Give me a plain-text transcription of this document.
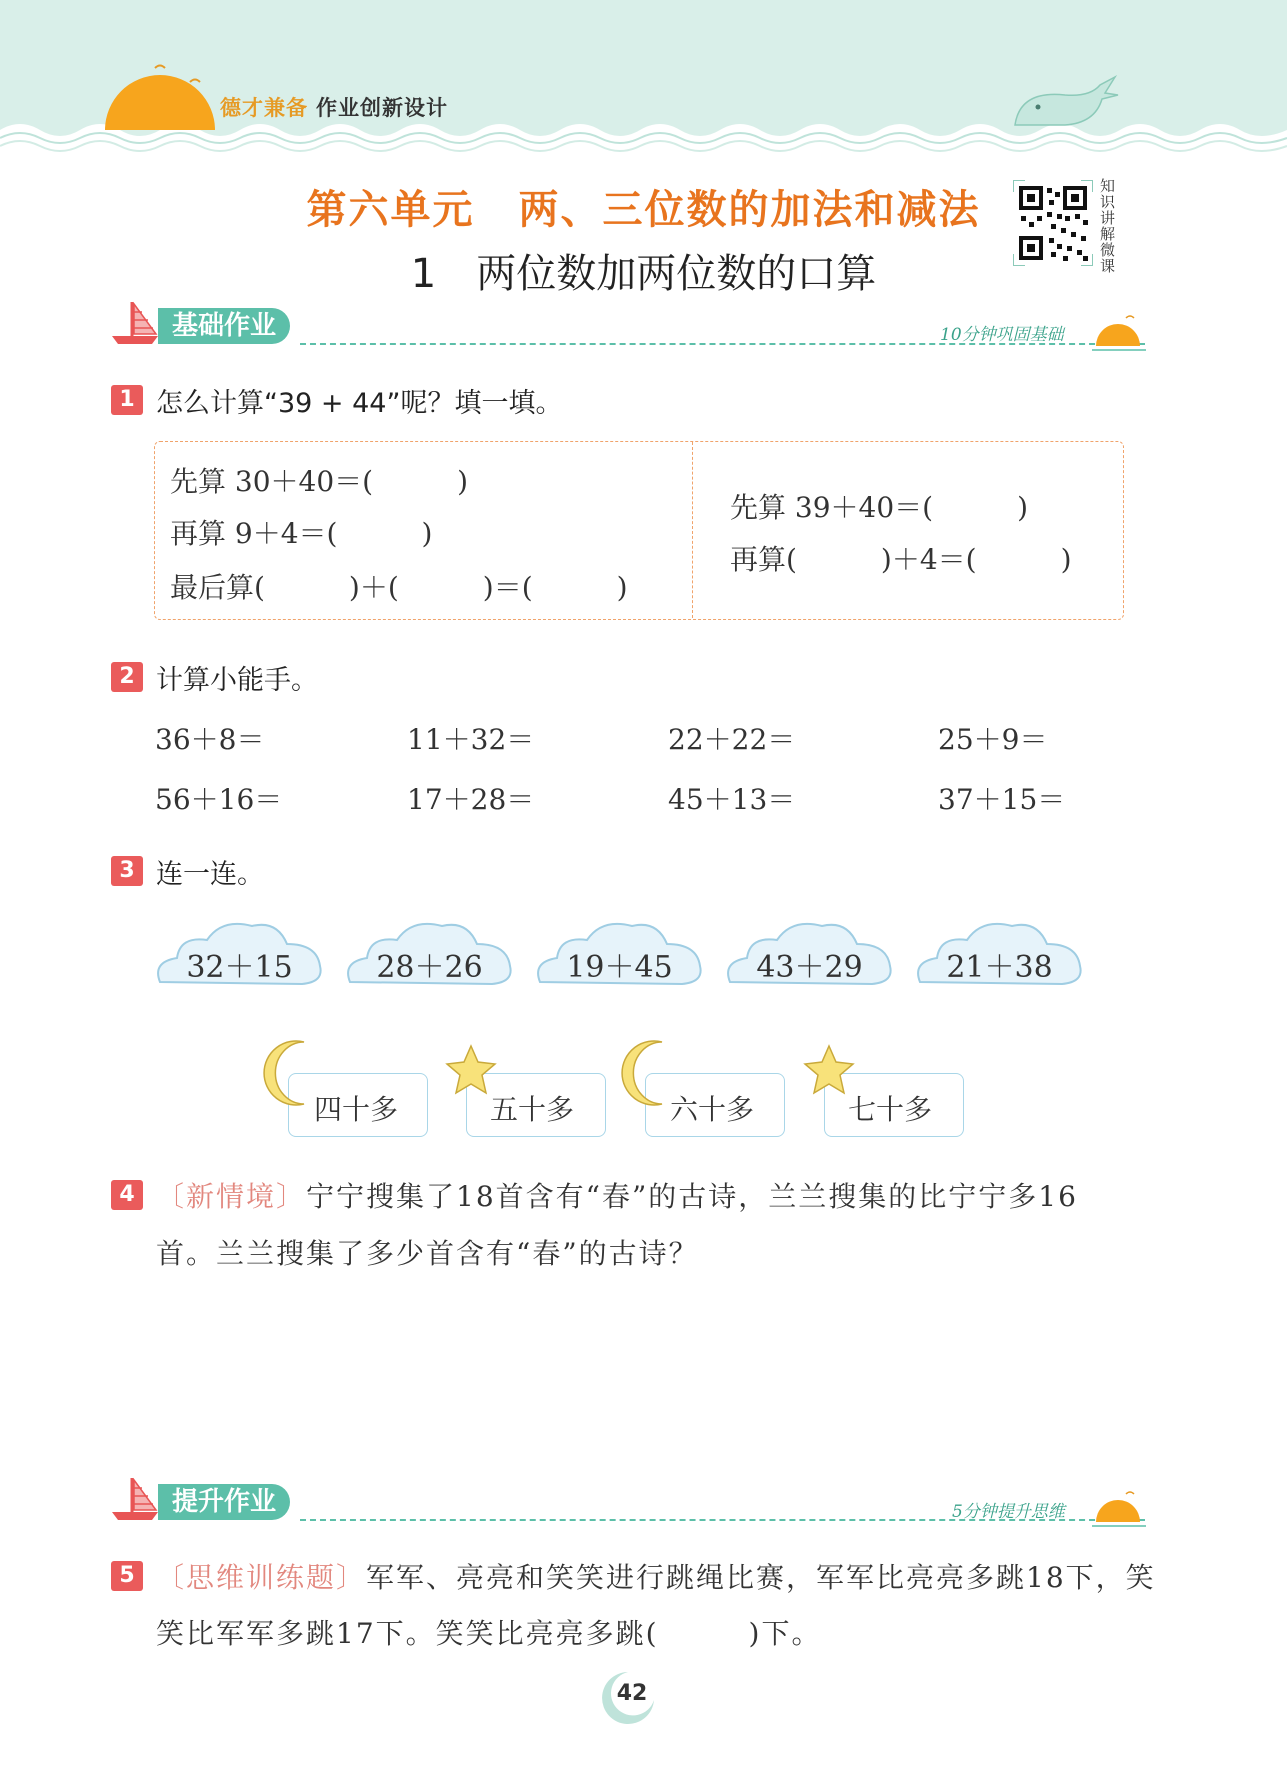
德才兼备 作业创新设计
第六单元 两、三位数的加法和减法
1 两位数加两位数的口算
知识讲解微课
基础作业	10分钟巩固基础
1 怎么计算“39 + 44”呢？填一填。
先算 30＋40＝(　　　)
再算 9＋4＝(　　　)
最后算(　　　)＋(　　　)＝(　　　)
先算 39＋40＝(　　　)
再算(　　　)＋4＝(　　　)
2 计算小能手。
36＋8＝	11＋32＝	22＋22＝	25＋9＝
56＋16＝	17＋28＝	45＋13＝	37＋15＝
3 连一连。
32＋15	28＋26	19＋45	43＋29	21＋38
四十多	五十多	六十多	七十多
4 〔新情境〕宁宁搜集了18首含有“春”的古诗，兰兰搜集的比宁宁多16
首。兰兰搜集了多少首含有“春”的古诗？
提升作业	5分钟提升思维
5 〔思维训练题〕军军、亮亮和笑笑进行跳绳比赛，军军比亮亮多跳18下，笑
笑比军军多跳17下。笑笑比亮亮多跳(　　　)下。
42
